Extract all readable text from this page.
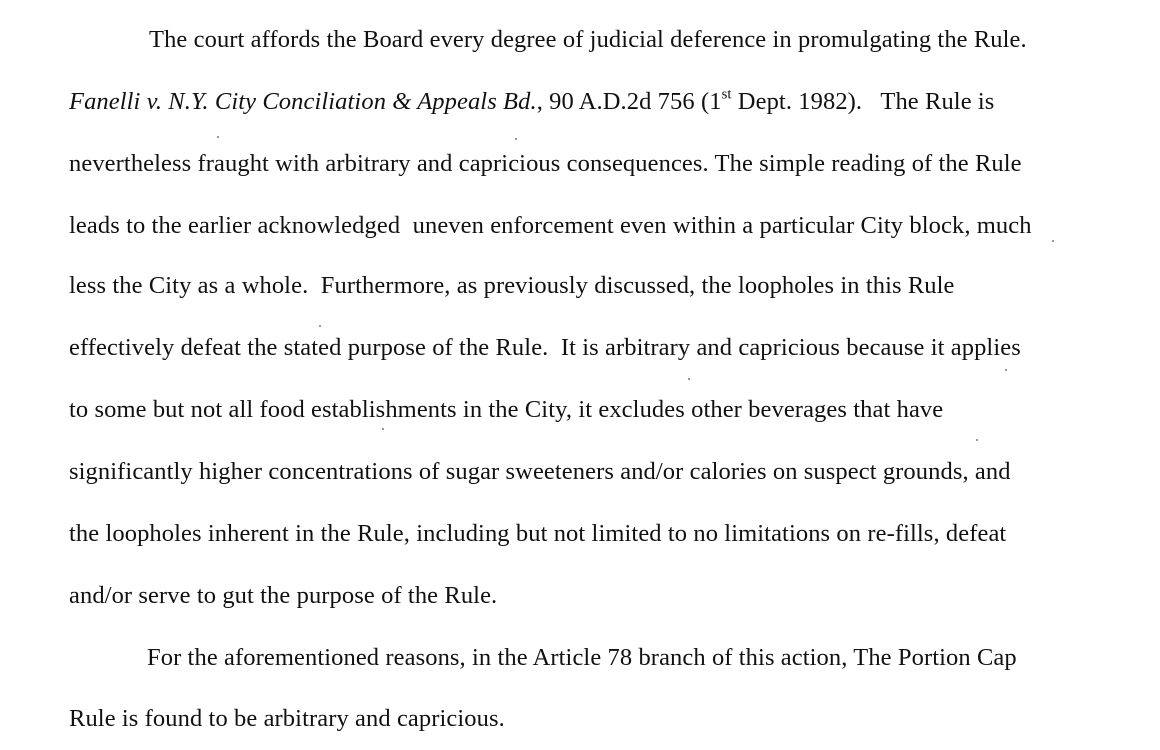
The court affords the Board every degree of judicial deference in promulgating the Rule.
Fanelli v. N.Y. City Conciliation & Appeals Bd., 90 A.D.2d 756 (1st Dept. 1982).   The Rule is
nevertheless fraught with arbitrary and capricious consequences. The simple reading of the Rule
leads to the earlier acknowledged  uneven enforcement even within a particular City block, much
less the City as a whole.  Furthermore, as previously discussed, the loopholes in this Rule
effectively defeat the stated purpose of the Rule.  It is arbitrary and capricious because it applies
to some but not all food establishments in the City, it excludes other beverages that have
significantly higher concentrations of sugar sweeteners and/or calories on suspect grounds, and
the loopholes inherent in the Rule, including but not limited to no limitations on re-fills, defeat
and/or serve to gut the purpose of the Rule.
For the aforementioned reasons, in the Article 78 branch of this action, The Portion Cap
Rule is found to be arbitrary and capricious.
